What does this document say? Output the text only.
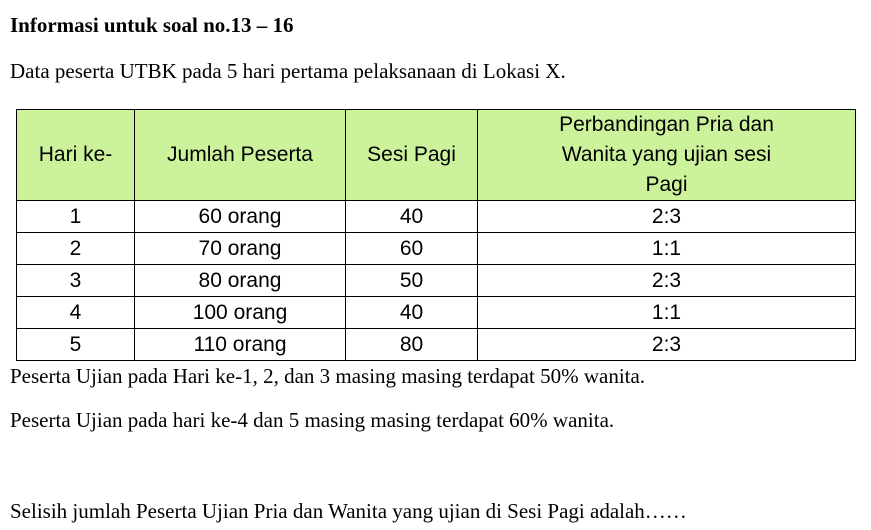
Informasi untuk soal no.13 – 16
Data peserta UTBK pada 5 hari pertama pelaksanaan di Lokasi X.
Hari ke-	Jumlah Peserta	Sesi Pagi	Perbandingan Pria dan Wanita yang ujian sesi Pagi
1	60 orang	40	2:3
2	70 orang	60	1:1
3	80 orang	50	2:3
4	100 orang	40	1:1
5	110 orang	80	2:3
Peserta Ujian pada Hari ke-1, 2, dan 3 masing masing terdapat 50% wanita.
Peserta Ujian pada hari ke-4 dan 5 masing masing terdapat 60% wanita.
Selisih jumlah Peserta Ujian Pria dan Wanita yang ujian di Sesi Pagi adalah……
